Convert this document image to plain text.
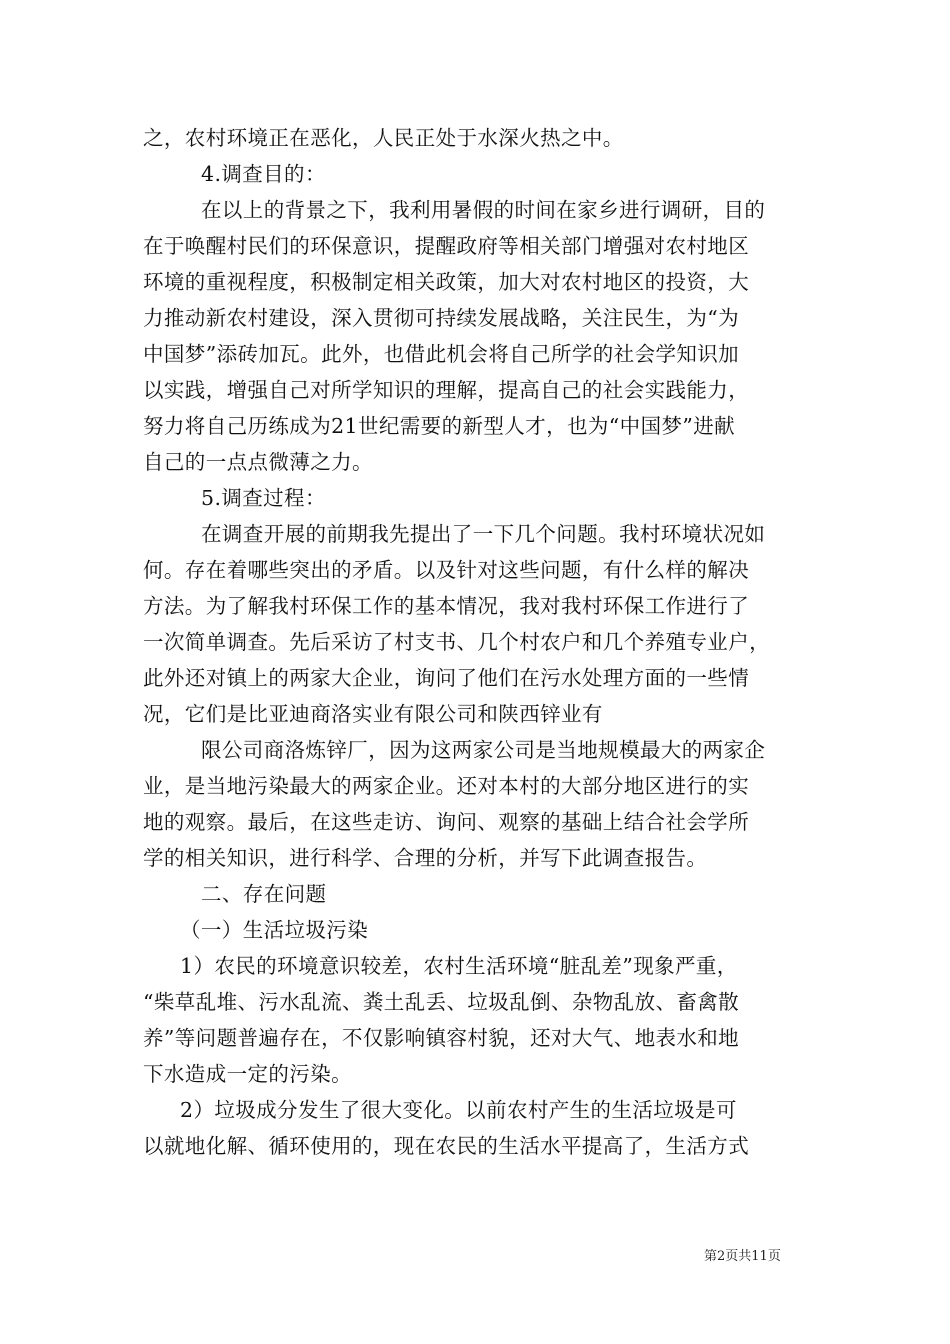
之，农村环境正在恶化，人民正处于水深火热之中。
4.调查目的：
在以上的背景之下，我利用暑假的时间在家乡进行调研，目的
在于唤醒村民们的环保意识，提醒政府等相关部门增强对农村地区
环境的重视程度，积极制定相关政策，加大对农村地区的投资，大
力推动新农村建设，深入贯彻可持续发展战略，关注民生，为“为
中国梦”添砖加瓦。此外，也借此机会将自己所学的社会学知识加
以实践，增强自己对所学知识的理解，提高自己的社会实践能力，
努力将自己历练成为21世纪需要的新型人才，也为“中国梦”进献
自己的一点点微薄之力。
5.调查过程：
在调查开展的前期我先提出了一下几个问题。我村环境状况如
何。存在着哪些突出的矛盾。以及针对这些问题，有什么样的解决
方法。为了解我村环保工作的基本情况，我对我村环保工作进行了
一次简单调查。先后采访了村支书、几个村农户和几个养殖专业户，
此外还对镇上的两家大企业，询问了他们在污水处理方面的一些情
况，它们是比亚迪商洛实业有限公司和陕西锌业有
限公司商洛炼锌厂，因为这两家公司是当地规模最大的两家企
业，是当地污染最大的两家企业。还对本村的大部分地区进行的实
地的观察。最后，在这些走访、询问、观察的基础上结合社会学所
学的相关知识，进行科学、合理的分析，并写下此调查报告。
二、存在问题
（一）生活垃圾污染
1）农民的环境意识较差，农村生活环境“脏乱差”现象严重，
“柴草乱堆、污水乱流、粪土乱丢、垃圾乱倒、杂物乱放、畜禽散
养”等问题普遍存在，不仅影响镇容村貌，还对大气、地表水和地
下水造成一定的污染。
2）垃圾成分发生了很大变化。以前农村产生的生活垃圾是可
以就地化解、循环使用的，现在农民的生活水平提高了，生活方式
第2页共11页
